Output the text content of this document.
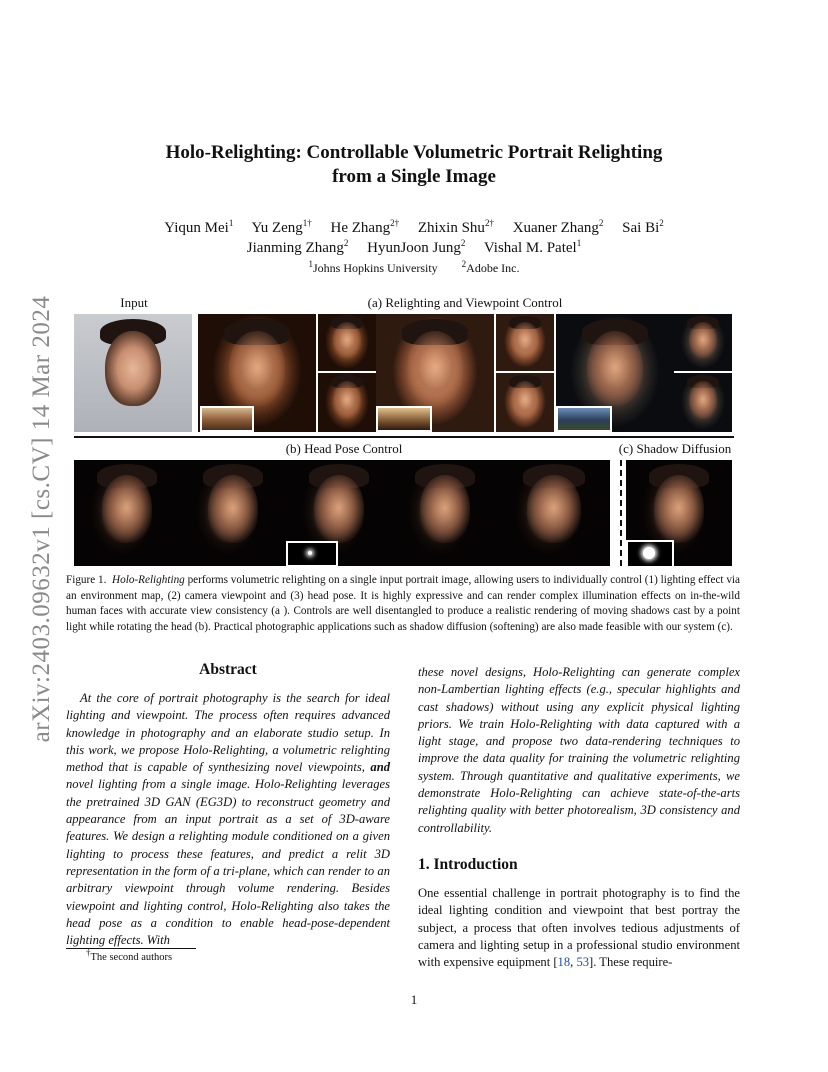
arXiv:2403.09632v1 [cs.CV] 14 Mar 2024
Holo-Relighting: Controllable Volumetric Portrait Relighting
from a Single Image
Yiqun Mei$^1$ Yu Zeng$^{1\dagger}$ He Zhang$^{2\dagger}$ Zhixin Shu$^{2\dagger}$ Xuaner Zhang$^2$ Sai Bi$^2$
Jianming Zhang$^2$ HyunJoon Jung$^2$ Vishal M. Patel$^1$
$^1$Johns Hopkins University	$^2$Adobe Inc.
Input	(a) Relighting and Viewpoint Control
(b) Head Pose Control	(c) Shadow Diffusion
Figure 1. Holo-Relighting performs volumetric relighting on a single input portrait image, allowing users to individually control (1) lighting effect via an environment map, (2) camera viewpoint and (3) head pose. It is highly expressive and can render complex illumination effects on in-the-wild human faces with accurate view consistency (a ). Controls are well disentangled to produce a realistic rendering of moving shadows cast by a point light while rotating the head (b). Practical photographic applications such as shadow diffusion (softening) are also made feasible with our system (c).
Abstract
At the core of portrait photography is the search for ideal lighting and viewpoint. The process often requires advanced knowledge in photography and an elaborate studio setup. In this work, we propose Holo-Relighting, a volumetric relighting method that is capable of synthesizing novel viewpoints, and novel lighting from a single image. Holo-Relighting leverages the pretrained 3D GAN (EG3D) to reconstruct geometry and appearance from an input portrait as a set of 3D-aware features. We design a relighting module conditioned on a given lighting to process these features, and predict a relit 3D representation in the form of a tri-plane, which can render to an arbitrary viewpoint through volume rendering. Besides viewpoint and lighting control, Holo-Relighting also takes the head pose as a condition to enable head-pose-dependent lighting effects. With
†The second authors
these novel designs, Holo-Relighting can generate complex non-Lambertian lighting effects (e.g., specular highlights and cast shadows) without using any explicit physical lighting priors. We train Holo-Relighting with data captured with a light stage, and propose two data-rendering techniques to improve the data quality for training the volumetric relighting system. Through quantitative and qualitative experiments, we demonstrate Holo-Relighting can achieve state-of-the-arts relighting quality with better photorealism, 3D consistency and controllability.
1. Introduction
One essential challenge in portrait photography is to find the ideal lighting condition and viewpoint that best portray the subject, a process that often involves tedious adjustments of camera and lighting setup in a professional studio environment with expensive equipment [18, 53]. These require-
1
